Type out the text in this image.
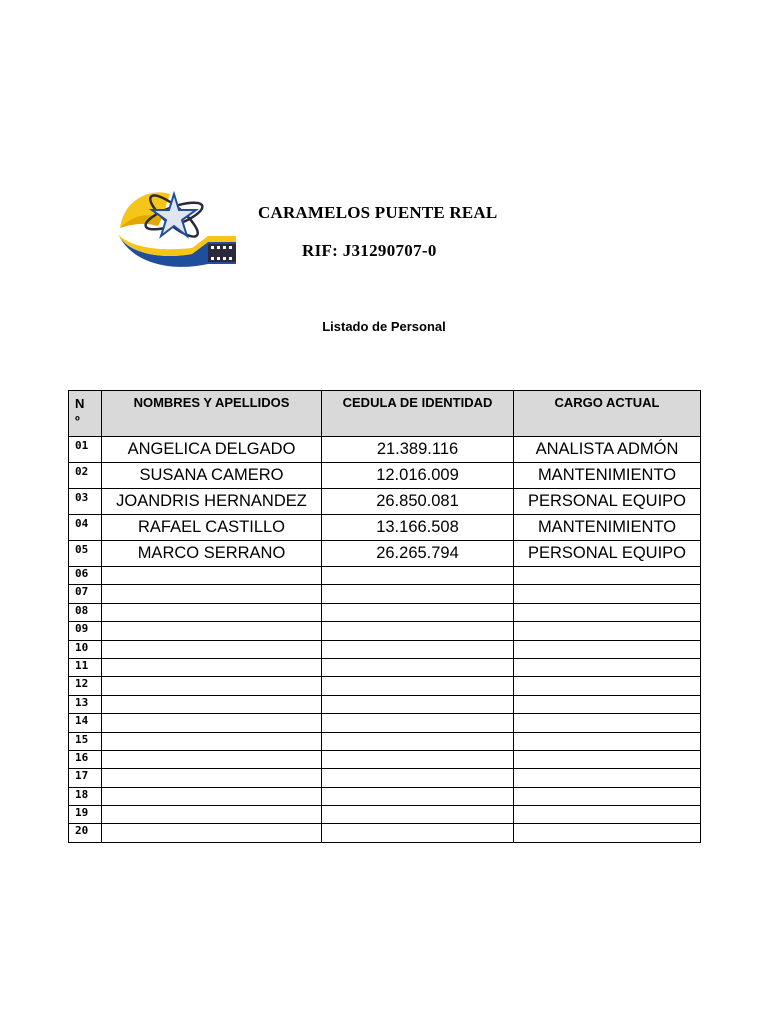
CARAMELOS PUENTE REAL
RIF: J31290707-0
Listado de Personal
N
º	NOMBRES Y APELLIDOS	CEDULA DE IDENTIDAD	CARGO ACTUAL
01	ANGELICA DELGADO	21.389.116	ANALISTA ADMÓN
02	SUSANA CAMERO	12.016.009	MANTENIMIENTO
03	JOANDRIS HERNANDEZ	26.850.081	PERSONAL EQUIPO
04	RAFAEL CASTILLO	13.166.508	MANTENIMIENTO
05	MARCO SERRANO	26.265.794	PERSONAL EQUIPO
06			
07			
08			
09			
10			
11			
12			
13			
14			
15			
16			
17			
18			
19			
20			
